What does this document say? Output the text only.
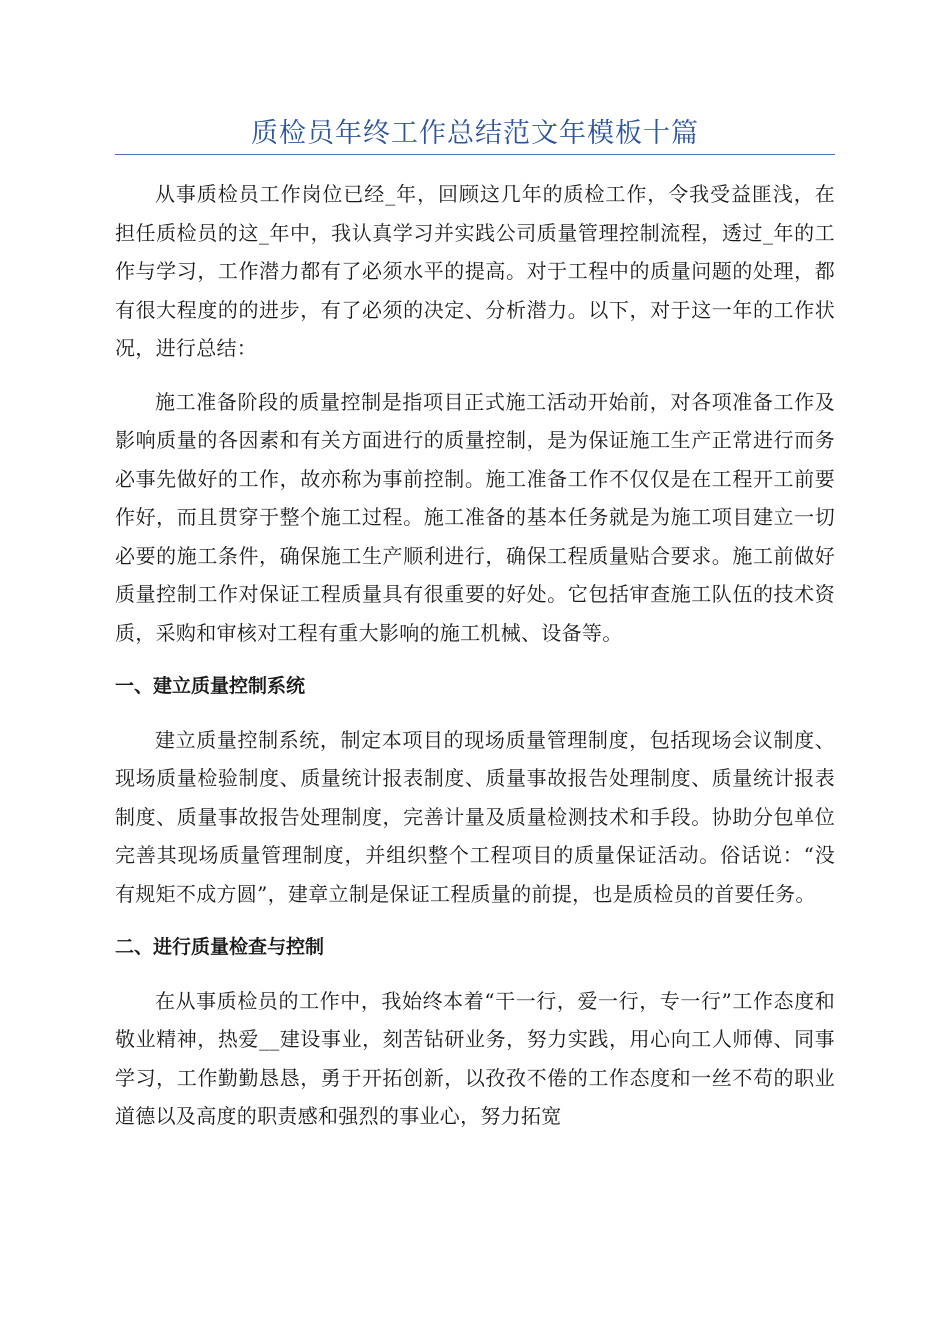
质检员年终工作总结范文年模板十篇

从事质检员工作岗位已经_年，回顾这几年的质检工作，令我受益匪浅，在担任质检员的这_年中，我认真学习并实践公司质量管理控制流程，透过_年的工作与学习，工作潜力都有了必须水平的提高。对于工程中的质量问题的处理，都有很大程度的的进步，有了必须的决定、分析潜力。以下，对于这一年的工作状况，进行总结：

施工准备阶段的质量控制是指项目正式施工活动开始前，对各项准备工作及影响质量的各因素和有关方面进行的质量控制，是为保证施工生产正常进行而务必事先做好的工作，故亦称为事前控制。施工准备工作不仅仅是在工程开工前要作好，而且贯穿于整个施工过程。施工准备的基本任务就是为施工项目建立一切必要的施工条件，确保施工生产顺利进行，确保工程质量贴合要求。施工前做好质量控制工作对保证工程质量具有很重要的好处。它包括审查施工队伍的技术资质，采购和审核对工程有重大影响的施工机械、设备等。

一、建立质量控制系统

建立质量控制系统，制定本项目的现场质量管理制度，包括现场会议制度、现场质量检验制度、质量统计报表制度、质量事故报告处理制度、质量统计报表制度、质量事故报告处理制度，完善计量及质量检测技术和手段。协助分包单位完善其现场质量管理制度，并组织整个工程项目的质量保证活动。俗话说：“没有规矩不成方圆”，建章立制是保证工程质量的前提，也是质检员的首要任务。

二、进行质量检查与控制

在从事质检员的工作中，我始终本着“干一行，爱一行，专一行”工作态度和敬业精神，热爱__建设事业，刻苦钻研业务，努力实践，用心向工人师傅、同事学习，工作勤勤恳恳，勇于开拓创新，以孜孜不倦的工作态度和一丝不苟的职业道德以及高度的职责感和强烈的事业心，努力拓宽
